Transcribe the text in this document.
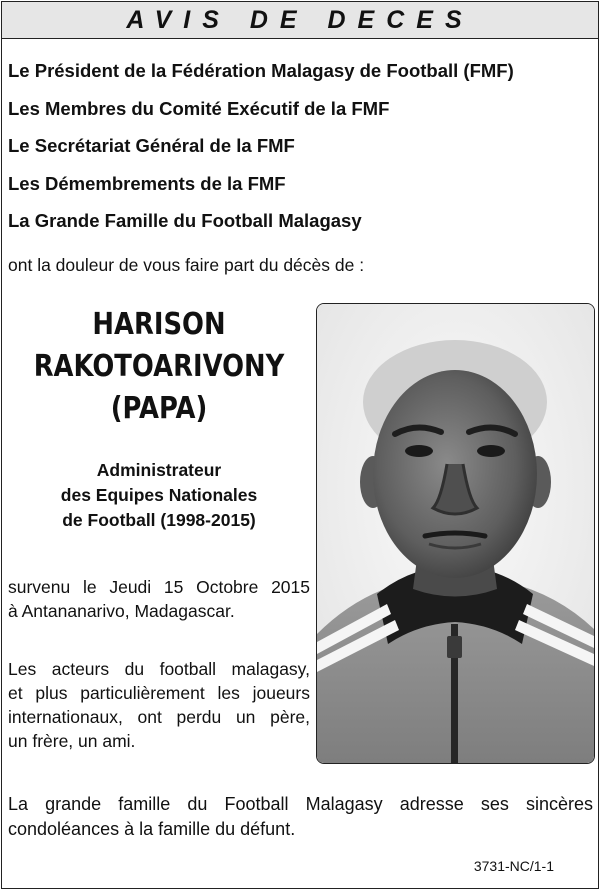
AVIS DE DECES
Le Président de la Fédération Malagasy de Football (FMF)
Les Membres du Comité Exécutif de la FMF
Le Secrétariat Général de la FMF
Les Démembrements de la FMF
La Grande Famille du Football Malagasy
ont la douleur de vous faire part du décès de :
HARISON
RAKOTOARIVONY
(PAPA)
Administrateur
des Equipes Nationales
de Football (1998-2015)
survenu le Jeudi 15 Octobre 2015
à Antananarivo, Madagascar.
Les acteurs du football malagasy,
et plus particulièrement les joueurs
internationaux, ont perdu un père,
un frère, un ami.
La grande famille du Football Malagasy adresse ses sincères
condoléances à la famille du défunt.
3731-NC/1-1
